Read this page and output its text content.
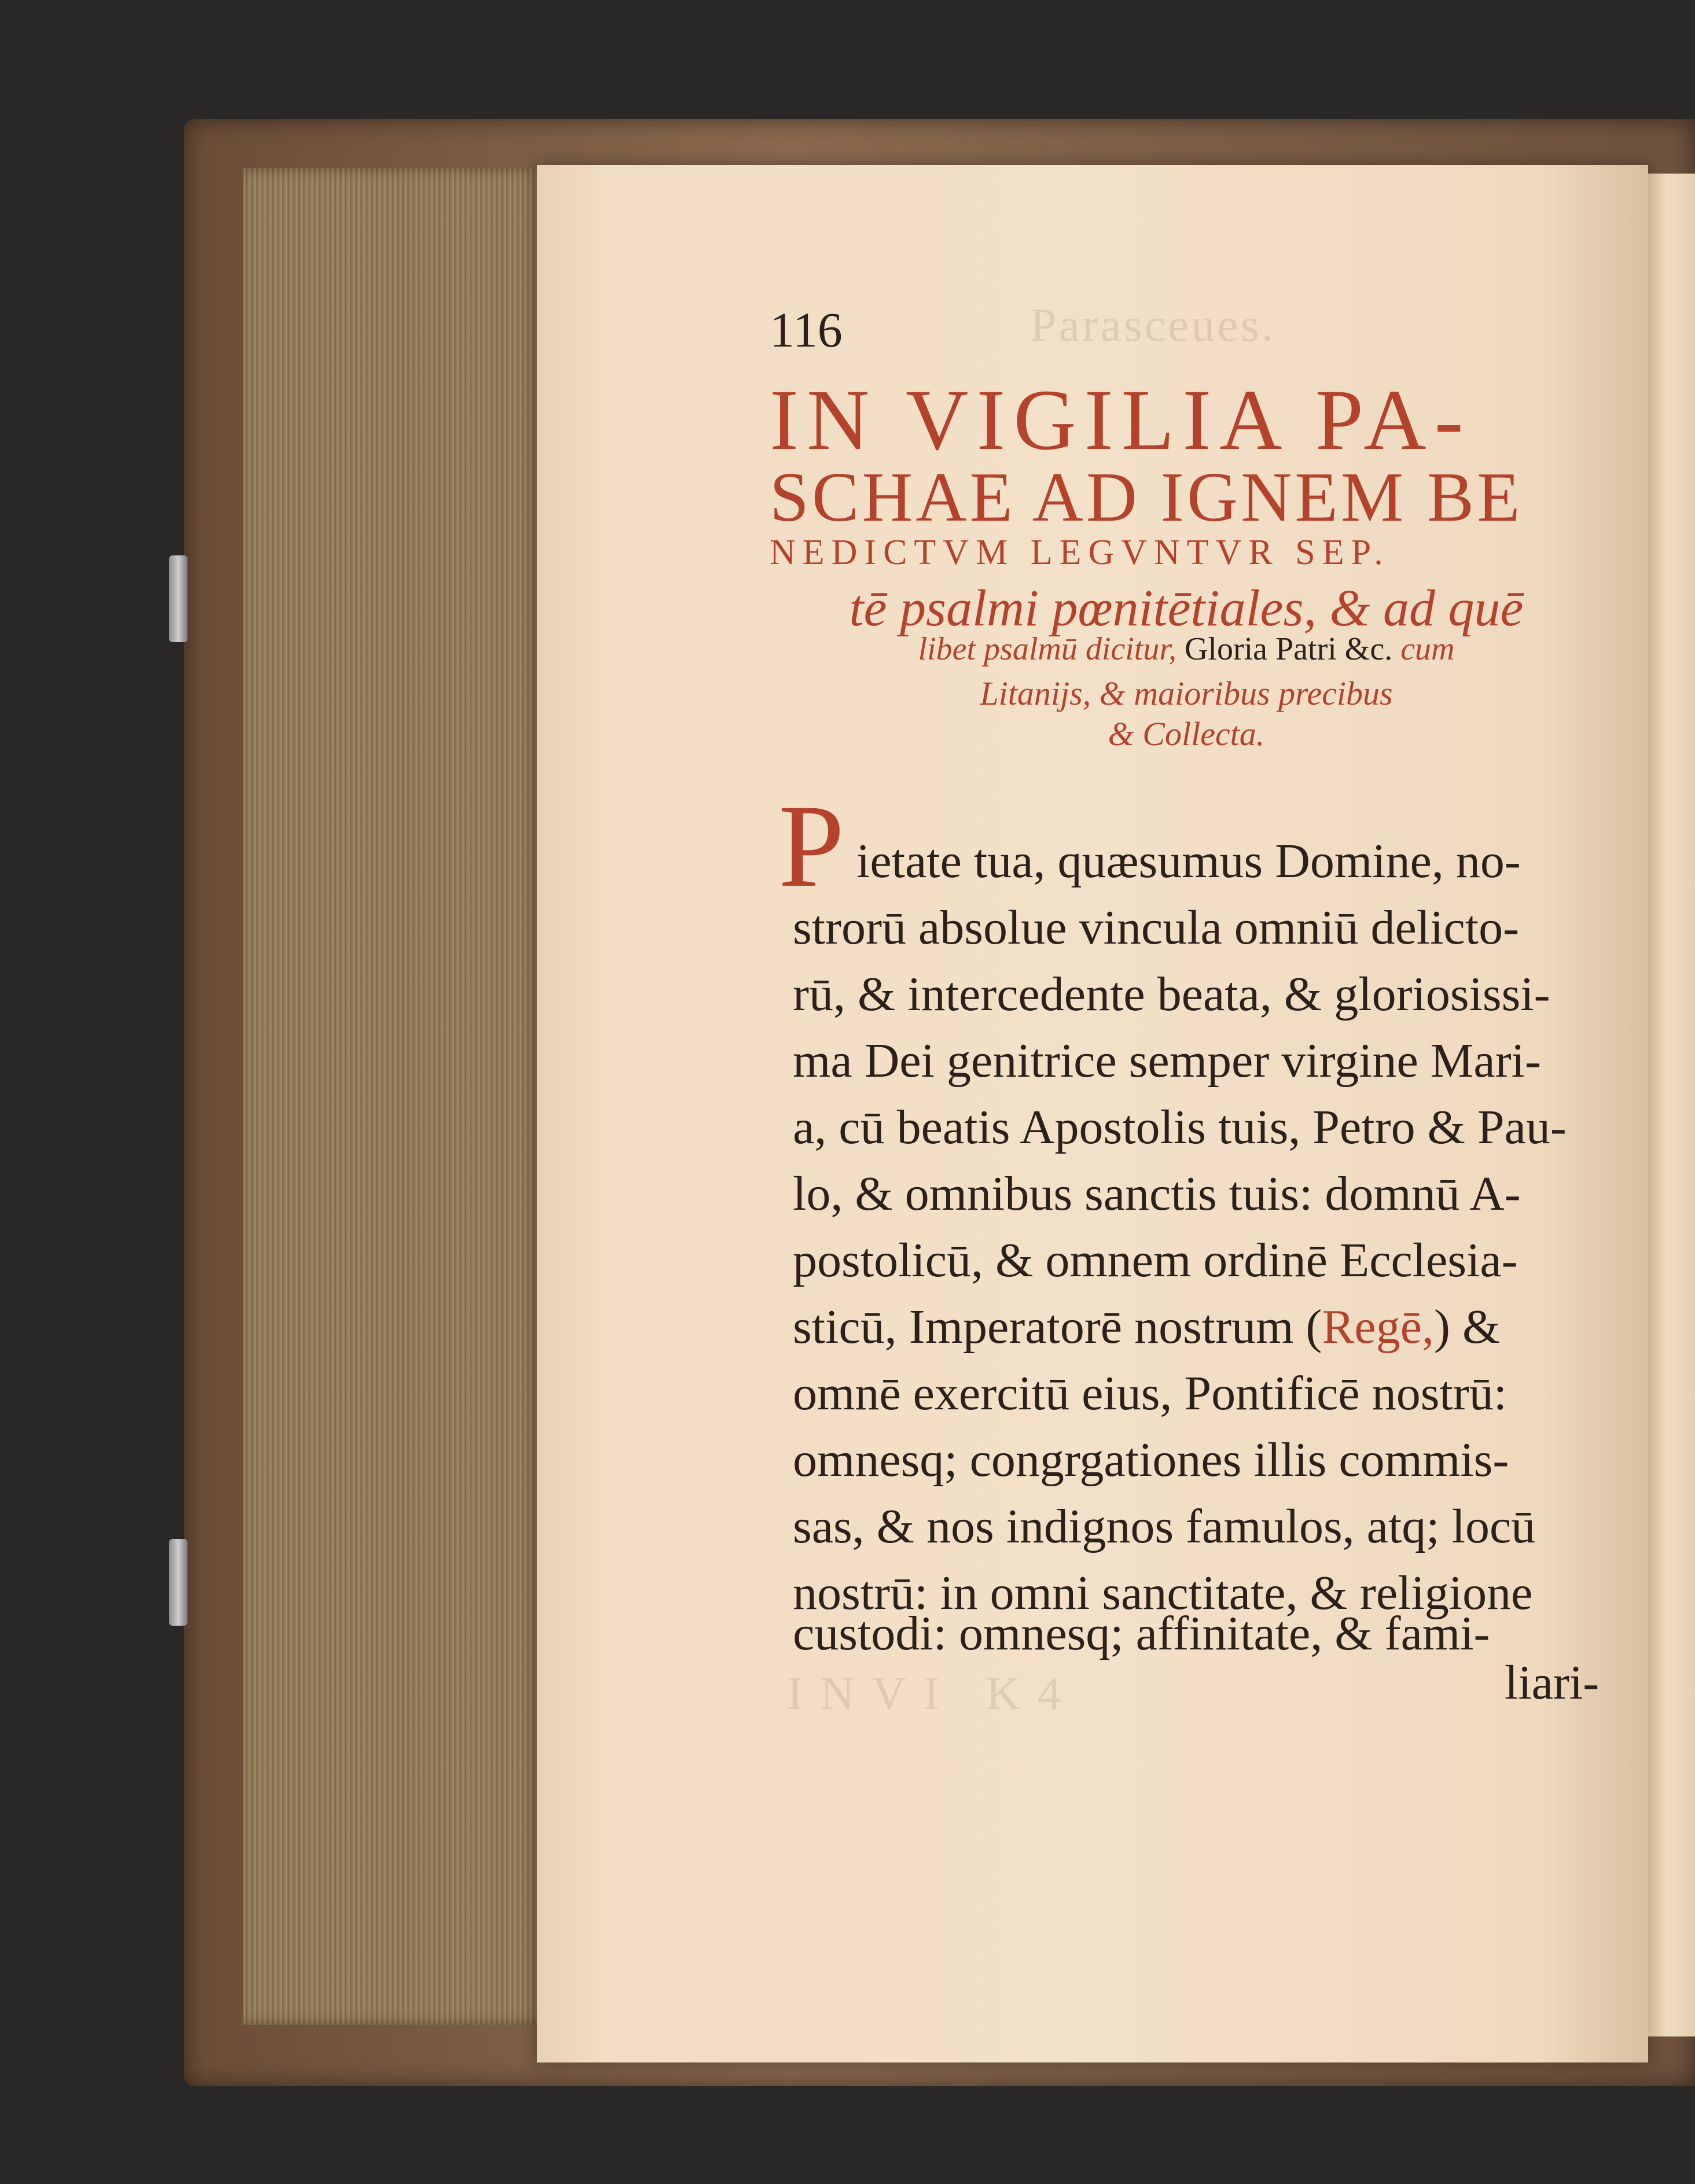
Parasceues.
INVI K4
116
IN VIGILIA PA-
SCHAE AD IGNEM BE
NEDICTVM LEGVNTVR SEP.
tē psalmi pœnitētiales, & ad quē
libet psalmū dicitur, Gloria Patri &c. cum
Litanijs, & maioribus precibus
& Collecta.
P ietate tua, quæsumus Domine, no-
strorū absolue vincula omniū delicto-
rū, & intercedente beata, & gloriosissi-
ma Dei genitrice semper virgine Mari-
a, cū beatis Apostolis tuis, Petro & Pau-
lo, & omnibus sanctis tuis: domnū A-
postolicū, & omnem ordinē Ecclesia-
sticū, Imperatorē nostrum (Regē,) &
omnē exercitū eius, Pontificē nostrū:
omnesq; congrgationes illis commis-
sas, & nos indignos famulos, atq; locū
nostrū: in omni sanctitate, & religione
custodi: omnesq; affinitate, & fami-
liari-
